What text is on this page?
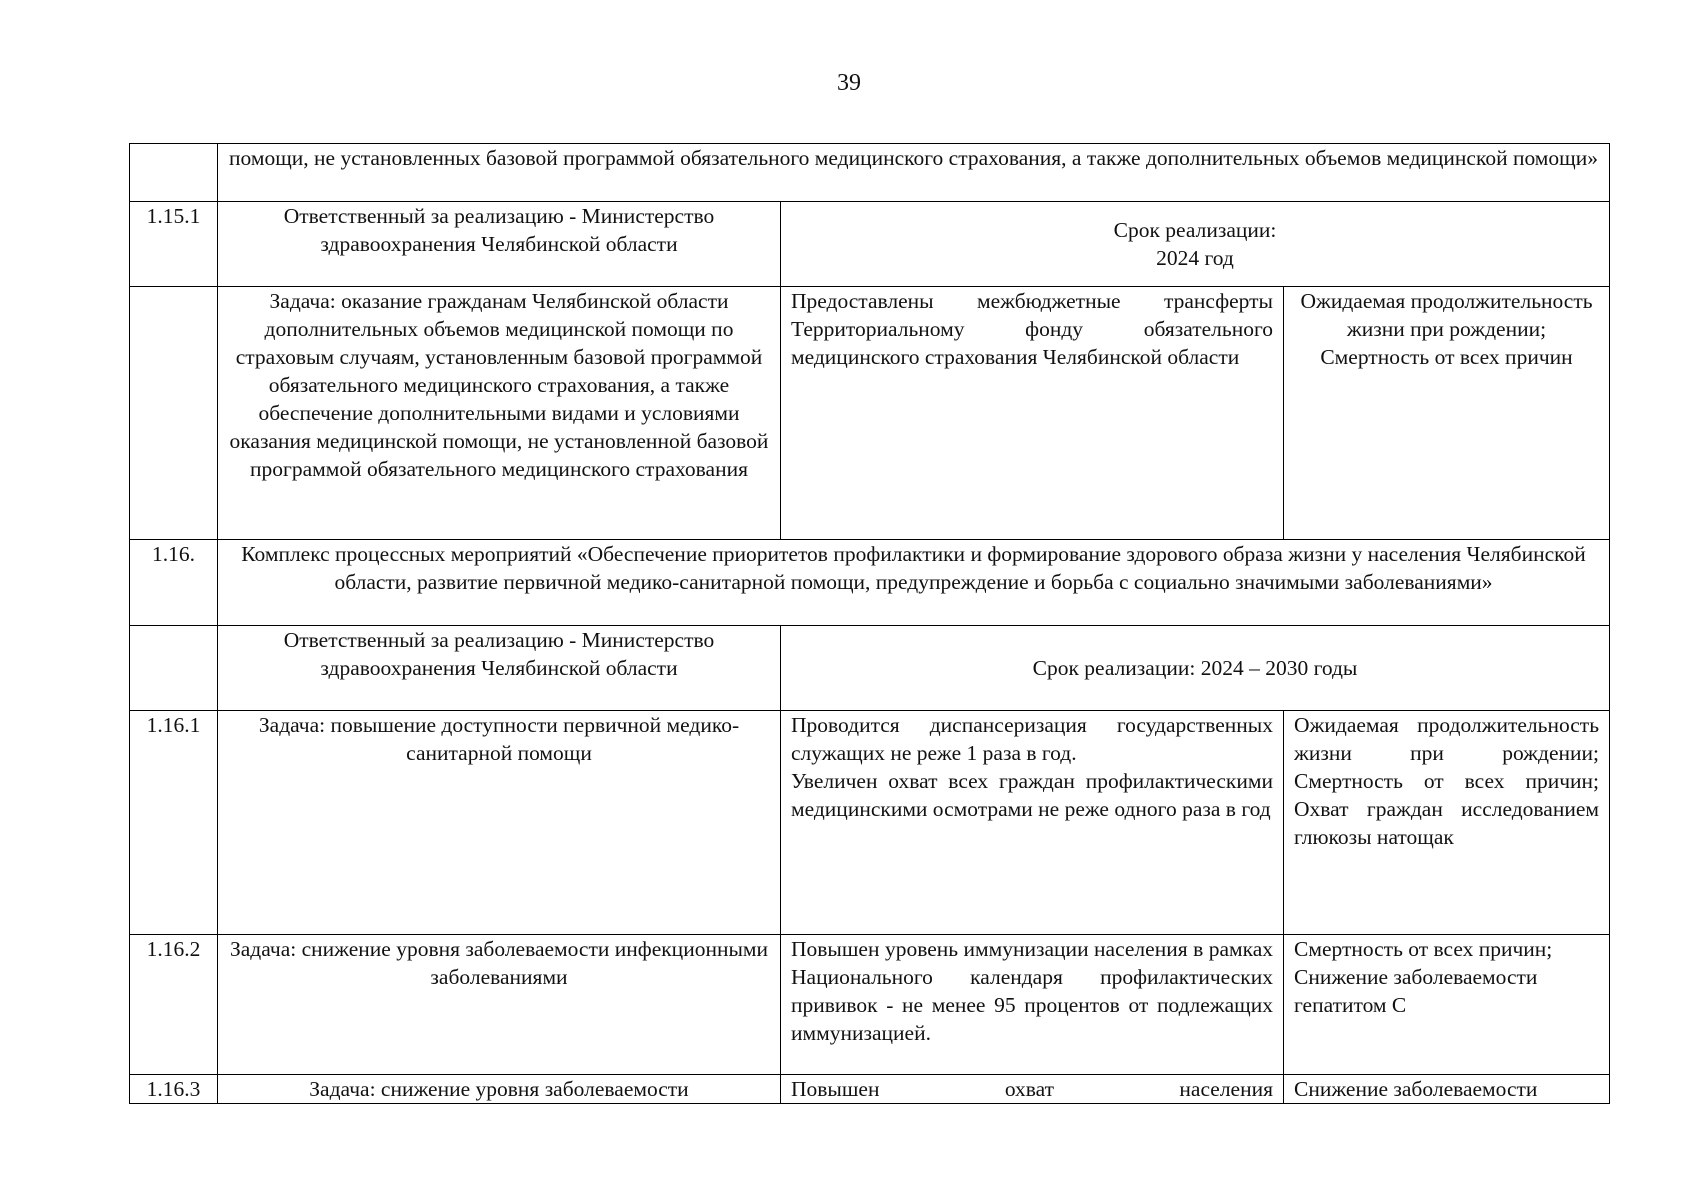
39
	помощи, не установленных базовой программой обязательного медицинского страхования, а также дополнительных объемов медицинской помощи»		
1.15.1	Ответственный за реализацию - Министерство здравоохранения Челябинской области	Срок реализации:
2024 год	

	Задача: оказание гражданам Челябинской области дополнительных объемов медицинской помощи по страховым случаям, установленным базовой программой обязательного медицинского страхования, а также обеспечение дополнительными видами и условиями оказания медицинской помощи, не установленной базовой программой обязательного медицинского страхования	Предоставлены межбюджетные трансферты Территориальному фонду обязательного медицинского страхования Челябинской области	Ожидаемая продолжительность жизни при рождении; Смертность от всех причин
1.16.	Комплекс процессных мероприятий «Обеспечение приоритетов профилактики и формирование здорового образа жизни у населения Челябинской области, развитие первичной медико-санитарной помощи, предупреждение и борьба с социально значимыми заболеваниями»		
	Ответственный за реализацию - Министерство здравоохранения Челябинской области	Срок реализации: 2024 – 2030 годы	
1.16.1	Задача: повышение доступности первичной медико-санитарной помощи	Проводится диспансеризация государственных служащих не реже 1 раза в год.
Увеличен охват всех граждан профилактическими медицинскими осмотрами не реже одного раза в год	Ожидаемая продолжительность жизни при рождении; Смертность от всех причин; Охват граждан исследованием глюкозы натощак
1.16.2	Задача: снижение уровня заболеваемости инфекционными заболеваниями	Повышен уровень иммунизации населения в рамках Национального календаря профилактических прививок - не менее 95 процентов от подлежащих иммунизацией.	Смертность от всех причин; Снижение заболеваемости гепатитом С
1.16.3	Задача: снижение уровня заболеваемости	Повышен охват населения	Снижение заболеваемости
